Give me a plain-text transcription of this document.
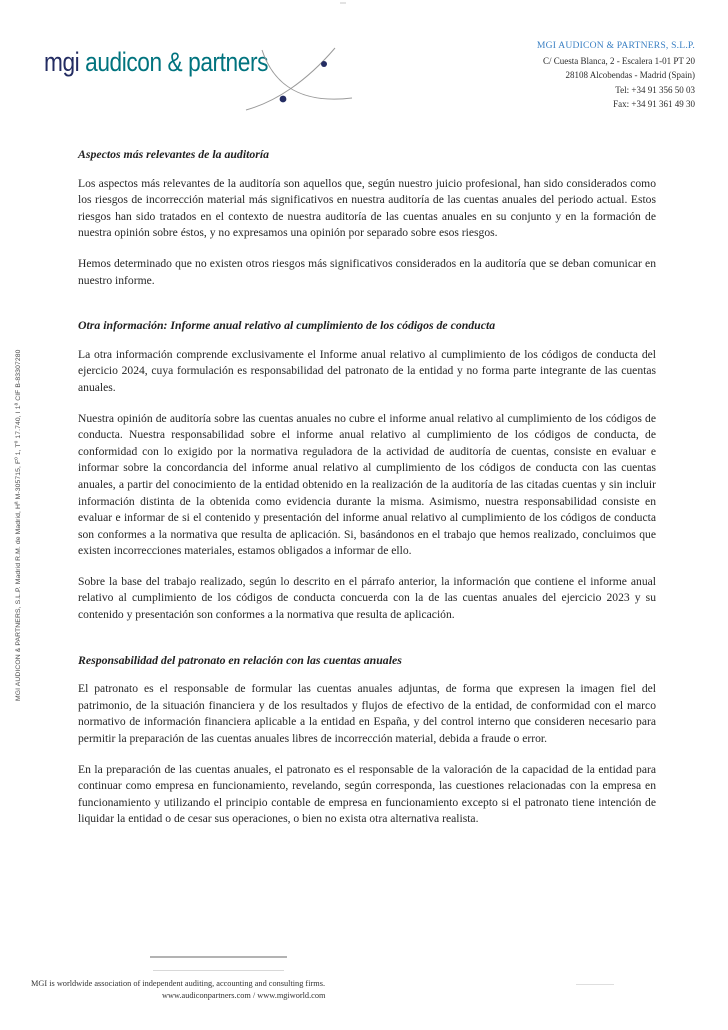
mgi audicon & partners
MGI AUDICON & PARTNERS, S.L.P.
C/ Cuesta Blanca, 2 - Escalera 1-01 PT 20
28108 Alcobendas - Madrid (Spain)
Tel: +34 91 356 50 03
Fax: +34 91 361 49 30
MGI AUDICON & PARTNERS, S.L.P. Madrid R.M. de Madrid, Hª M-305715, Fº 1, Tº 17.740, I 1ª CIF B-83307280
Aspectos más relevantes de la auditoría

Los aspectos más relevantes de la auditoría son aquellos que, según nuestro juicio profesional, han sido considerados como los riesgos de incorrección material más significativos en nuestra auditoría de las cuentas anuales del periodo actual. Estos riesgos han sido tratados en el contexto de nuestra auditoría de las cuentas anuales en su conjunto y en la formación de nuestra opinión sobre éstos, y no expresamos una opinión por separado sobre esos riesgos.

Hemos determinado que no existen otros riesgos más significativos considerados en la auditoría que se deban comunicar en nuestro informe.

Otra información: Informe anual relativo al cumplimiento de los códigos de conducta

La otra información comprende exclusivamente el Informe anual relativo al cumplimiento de los códigos de conducta del ejercicio 2024, cuya formulación es responsabilidad del patronato de la entidad y no forma parte integrante de las cuentas anuales.

Nuestra opinión de auditoría sobre las cuentas anuales no cubre el informe anual relativo al cumplimiento de los códigos de conducta. Nuestra responsabilidad sobre el informe anual relativo al cumplimiento de los códigos de conducta, de conformidad con lo exigido por la normativa reguladora de la actividad de auditoría de cuentas, consiste en evaluar e informar sobre la concordancia del informe anual relativo al cumplimiento de los códigos de conducta con las cuentas anuales, a partir del conocimiento de la entidad obtenido en la realización de la auditoría de las citadas cuentas y sin incluir información distinta de la obtenida como evidencia durante la misma. Asimismo, nuestra responsabilidad consiste en evaluar e informar de si el contenido y presentación del informe anual relativo al cumplimiento de los códigos de conducta son conformes a la normativa que resulta de aplicación. Si, basándonos en el trabajo que hemos realizado, concluimos que existen incorrecciones materiales, estamos obligados a informar de ello.

Sobre la base del trabajo realizado, según lo descrito en el párrafo anterior, la información que contiene el informe anual relativo al cumplimiento de los códigos de conducta concuerda con la de las cuentas anuales del ejercicio 2023 y su contenido y presentación son conformes a la normativa que resulta de aplicación.

Responsabilidad del patronato en relación con las cuentas anuales

El patronato es el responsable de formular las cuentas anuales adjuntas, de forma que expresen la imagen fiel del patrimonio, de la situación financiera y de los resultados y flujos de efectivo de la entidad, de conformidad con el marco normativo de información financiera aplicable a la entidad en España, y del control interno que consideren necesario para permitir la preparación de las cuentas anuales libres de incorrección material, debida a fraude o error.

En la preparación de las cuentas anuales, el patronato es el responsable de la valoración de la capacidad de la entidad para continuar como empresa en funcionamiento, revelando, según corresponda, las cuestiones relacionadas con la empresa en funcionamiento y utilizando el principio contable de empresa en funcionamiento excepto si el patronato tiene intención de liquidar la entidad o de cesar sus operaciones, o bien no exista otra alternativa realista.

MGI is worldwide association of independent auditing, accounting and consulting firms.
www.audiconpartners.com / www.mgiworld.com
